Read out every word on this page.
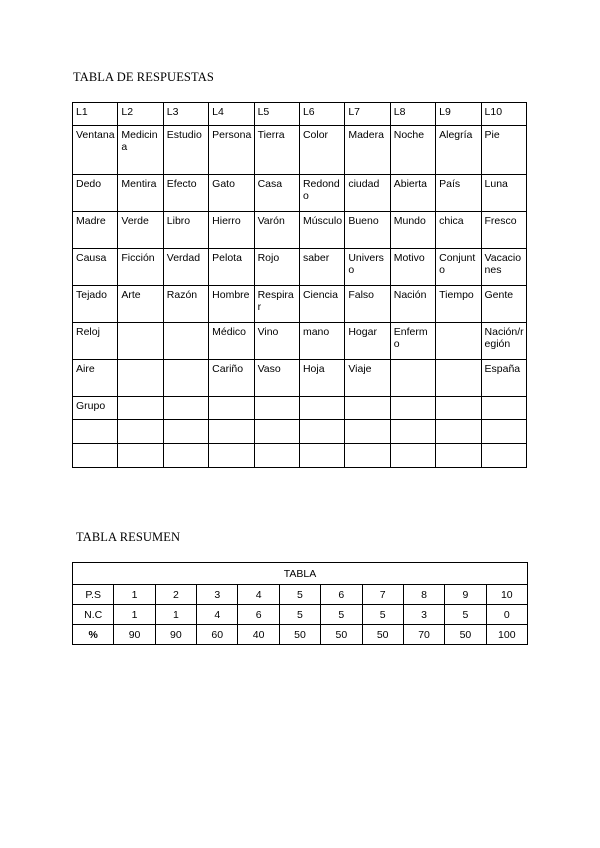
TABLA DE RESPUESTAS
L1	L2	L3	L4	L5	L6	L7	L8	L9	L10
Ventana	Medicina	Estudio	Persona	Tierra	Color	Madera	Noche	Alegría	Pie
Dedo	Mentira	Efecto	Gato	Casa	Redondo	ciudad	Abierta	País	Luna
Madre	Verde	Libro	Hierro	Varón	Músculo	Bueno	Mundo	chica	Fresco
Causa	Ficción	Verdad	Pelota	Rojo	saber	Universo	Motivo	Conjunto	Vacaciones
Tejado	Arte	Razón	Hombre	Respirar	Ciencia	Falso	Nación	Tiempo	Gente
Reloj			Médico	Vino	mano	Hogar	Enfermo		Nación/región
Aire			Cariño	Vaso	Hoja	Viaje			España
Grupo									

TABLA RESUMEN
TABLA										
P.S	1	2	3	4	5	6	7	8	9	10
N.C	1	1	4	6	5	5	5	3	5	0
%	90	90	60	40	50	50	50	70	50	100
